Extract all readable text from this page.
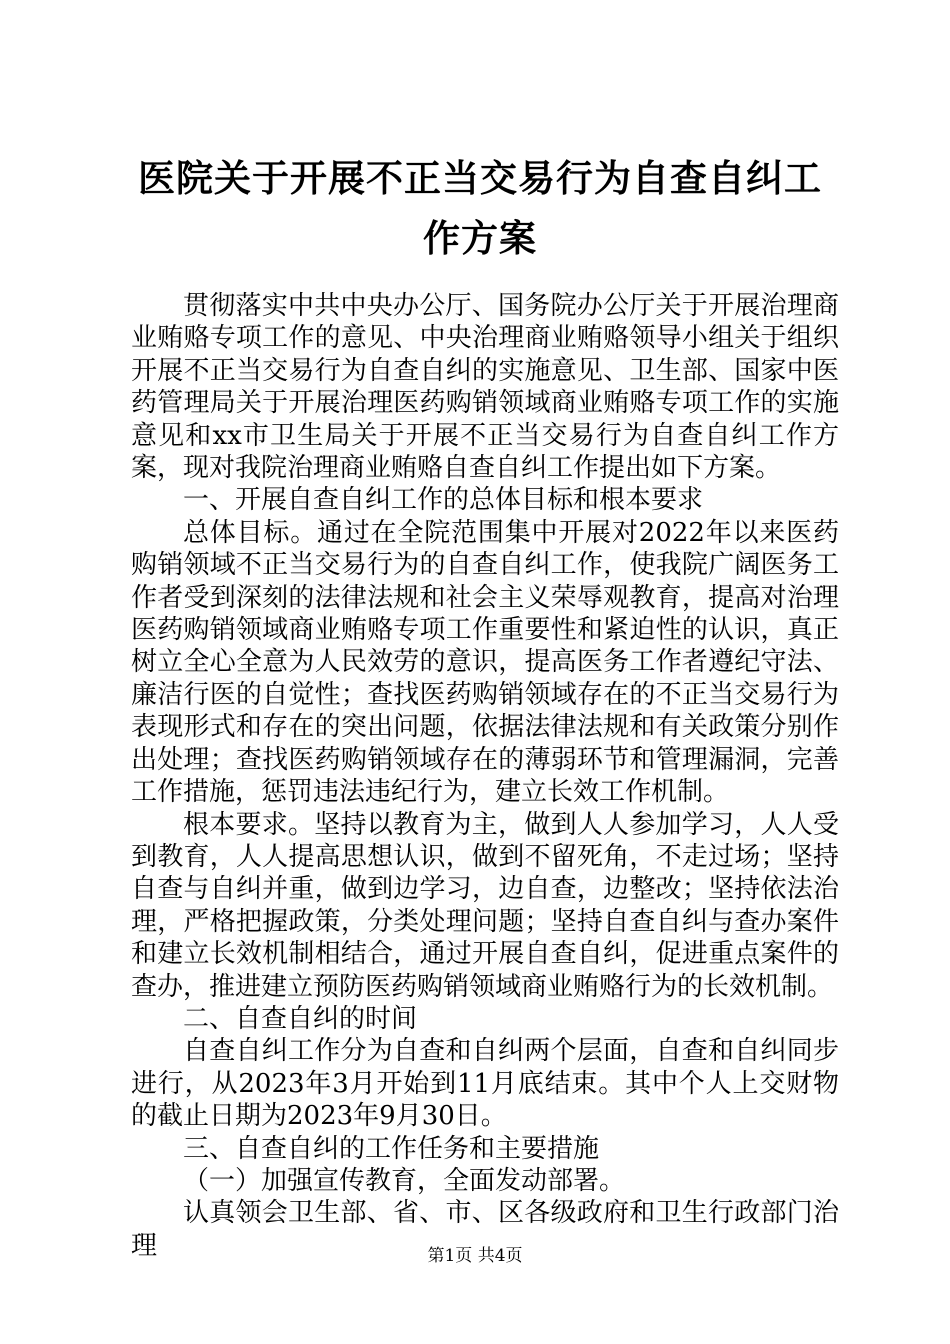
医院关于开展不正当交易行为自查自纠工作方案

贯彻落实中共中央办公厅、国务院办公厅关于开展治理商业贿赂专项工作的意见、中央治理商业贿赂领导小组关于组织开展不正当交易行为自查自纠的实施意见、卫生部、国家中医药管理局关于开展治理医药购销领域商业贿赂专项工作的实施意见和xx市卫生局关于开展不正当交易行为自查自纠工作方案，现对我院治理商业贿赂自查自纠工作提出如下方案。

一、开展自查自纠工作的总体目标和根本要求

总体目标。通过在全院范围集中开展对2022年以来医药购销领域不正当交易行为的自查自纠工作，使我院广阔医务工作者受到深刻的法律法规和社会主义荣辱观教育，提高对治理医药购销领域商业贿赂专项工作重要性和紧迫性的认识，真正树立全心全意为人民效劳的意识，提高医务工作者遵纪守法、廉洁行医的自觉性；查找医药购销领域存在的不正当交易行为表现形式和存在的突出问题，依据法律法规和有关政策分别作出处理；查找医药购销领域存在的薄弱环节和管理漏洞，完善工作措施，惩罚违法违纪行为，建立长效工作机制。

根本要求。坚持以教育为主，做到人人参加学习，人人受到教育，人人提高思想认识，做到不留死角，不走过场；坚持自查与自纠并重，做到边学习，边自查，边整改；坚持依法治理，严格把握政策，分类处理问题；坚持自查自纠与查办案件和建立长效机制相结合，通过开展自查自纠，促进重点案件的查办，推进建立预防医药购销领域商业贿赂行为的长效机制。

二、自查自纠的时间

自查自纠工作分为自查和自纠两个层面，自查和自纠同步进行，从2023年3月开始到11月底结束。其中个人上交财物的截止日期为2023年9月30日。

三、自查自纠的工作任务和主要措施

（一）加强宣传教育，全面发动部署。

认真领会卫生部、省、市、区各级政府和卫生行政部门治理	第1页 共4页
